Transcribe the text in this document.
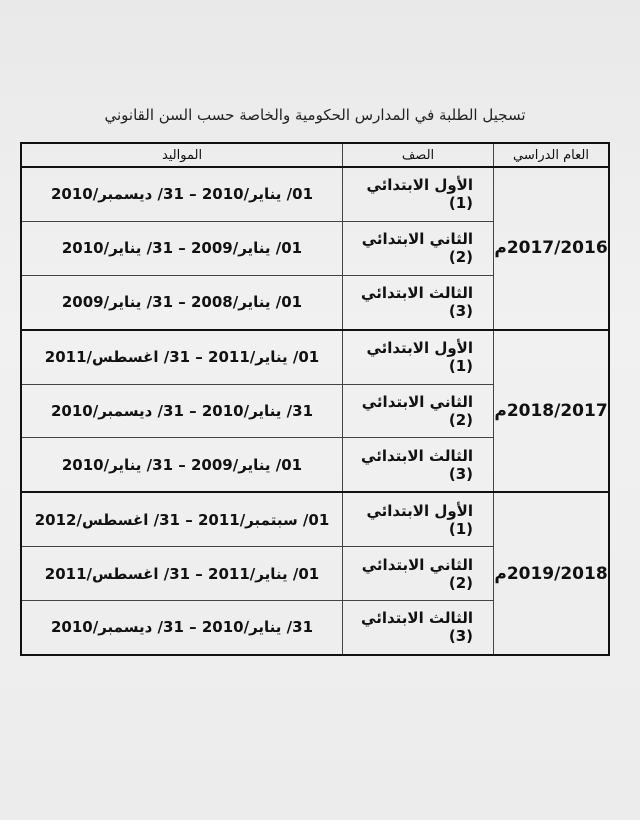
تسجيل الطلبة في المدارس الحكومية والخاصة حسب السن القانوني
العام الدراسي	الصف	المواليد
2017/2016م	الأول الابتدائي (1)	01/ يناير/2010 – 31/ ديسمبر/2010
	الثاني الابتدائي (2)	01/ يناير/2009 – 31/ يناير/2010
	الثالث الابتدائي (3)	01/ يناير/2008 – 31/ يناير/2009
2018/2017م	الأول الابتدائي (1)	01/ يناير/2011 – 31/ اغسطس/2011
	الثاني الابتدائي (2)	31/ يناير/2010 – 31/ ديسمبر/2010
	الثالث الابتدائي (3)	01/ يناير/2009 – 31/ يناير/2010
2019/2018م	الأول الابتدائي (1)	01/ سبتمبر/2011 – 31/ اغسطس/2012
	الثاني الابتدائي (2)	01/ يناير/2011 – 31/ اغسطس/2011
	الثالث الابتدائي (3)	31/ يناير/2010 – 31/ ديسمبر/2010
